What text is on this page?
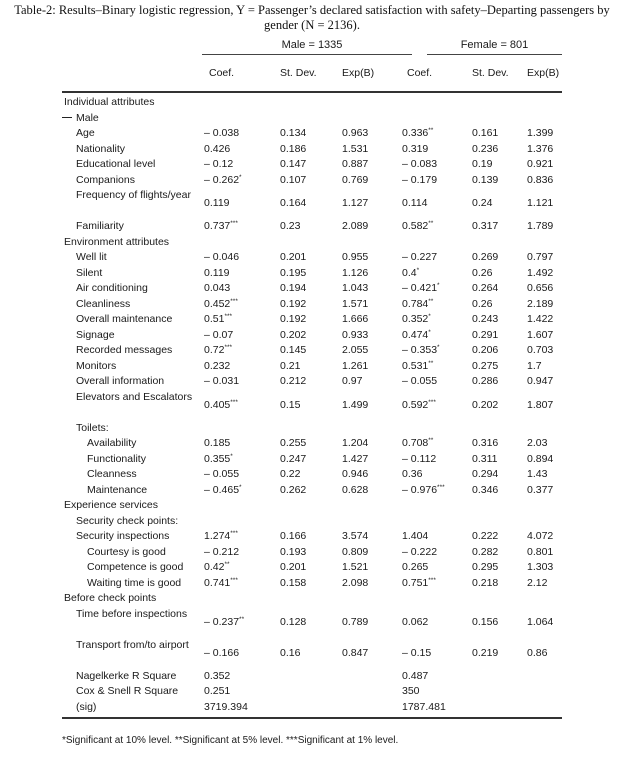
Table-2: Results–Binary logistic regression, Y = Passenger’s declared satisfaction with safety–Departing passengers by gender (N = 2136).
Male = 1335	Female = 801
Coef.	St. Dev. Exp(B)	Coef.	St. Dev. Exp(B)
Individual attributes
Male
Age	– 0.038	0.134	0.963	0.336**	0.161	1.399
Nationality	0.426	0.186	1.531	0.319	0.236	1.376
Educational level	– 0.12	0.147	0.887	– 0.083	0.19	0.921
Companions	– 0.262*	0.107	0.769	– 0.179	0.139	0.836
Frequency of flights/year
0.119	0.164	1.127	0.114	0.24	1.121
Familiarity	0.737***	0.23	2.089	0.582**	0.317	1.789
Environment attributes
Well lit	– 0.046	0.201	0.955	– 0.227	0.269	0.797
Silent	0.119	0.195	1.126	0.4*	0.26	1.492
Air conditioning	0.043	0.194	1.043	– 0.421*	0.264	0.656
Cleanliness	0.452***	0.192	1.571	0.784**	0.26	2.189
Overall maintenance	0.51***	0.192	1.666	0.352*	0.243	1.422
Signage	– 0.07	0.202	0.933	0.474*	0.291	1.607
Recorded messages	0.72***	0.145	2.055	– 0.353*	0.206	0.703
Monitors	0.232	0.21	1.261	0.531**	0.275	1.7
Overall information	– 0.031	0.212	0.97	– 0.055	0.286	0.947
Elevators and Escalators
0.405***	0.15	1.499	0.592***	0.202	1.807
Toilets:
Availability	0.185	0.255	1.204	0.708**	0.316	2.03
Functionality	0.355*	0.247	1.427	– 0.112	0.311	0.894
Cleanness	– 0.055	0.22	0.946	0.36	0.294	1.43
Maintenance	– 0.465*	0.262	0.628	– 0.976***	0.346	0.377
Experience services
Security check points:
Security inspections	1.274***	0.166	3.574	1.404	0.222	4.072
Courtesy is good	– 0.212	0.193	0.809	– 0.222	0.282	0.801
Competence is good	0.42**	0.201	1.521	0.265	0.295	1.303
Waiting time is good	0.741***	0.158	2.098	0.751***	0.218	2.12
Before check points
Time before inspections
– 0.237**	0.128	0.789	0.062	0.156	1.064
Transport from/to airport
– 0.166	0.16	0.847	– 0.15	0.219	0.86
Nagelkerke R Square	0.352	0.487
Cox & Snell R Square	0.251	350
(sig)	3719.394	1787.481
*Significant at 10% level. **Significant at 5% level. ***Significant at 1% level.
